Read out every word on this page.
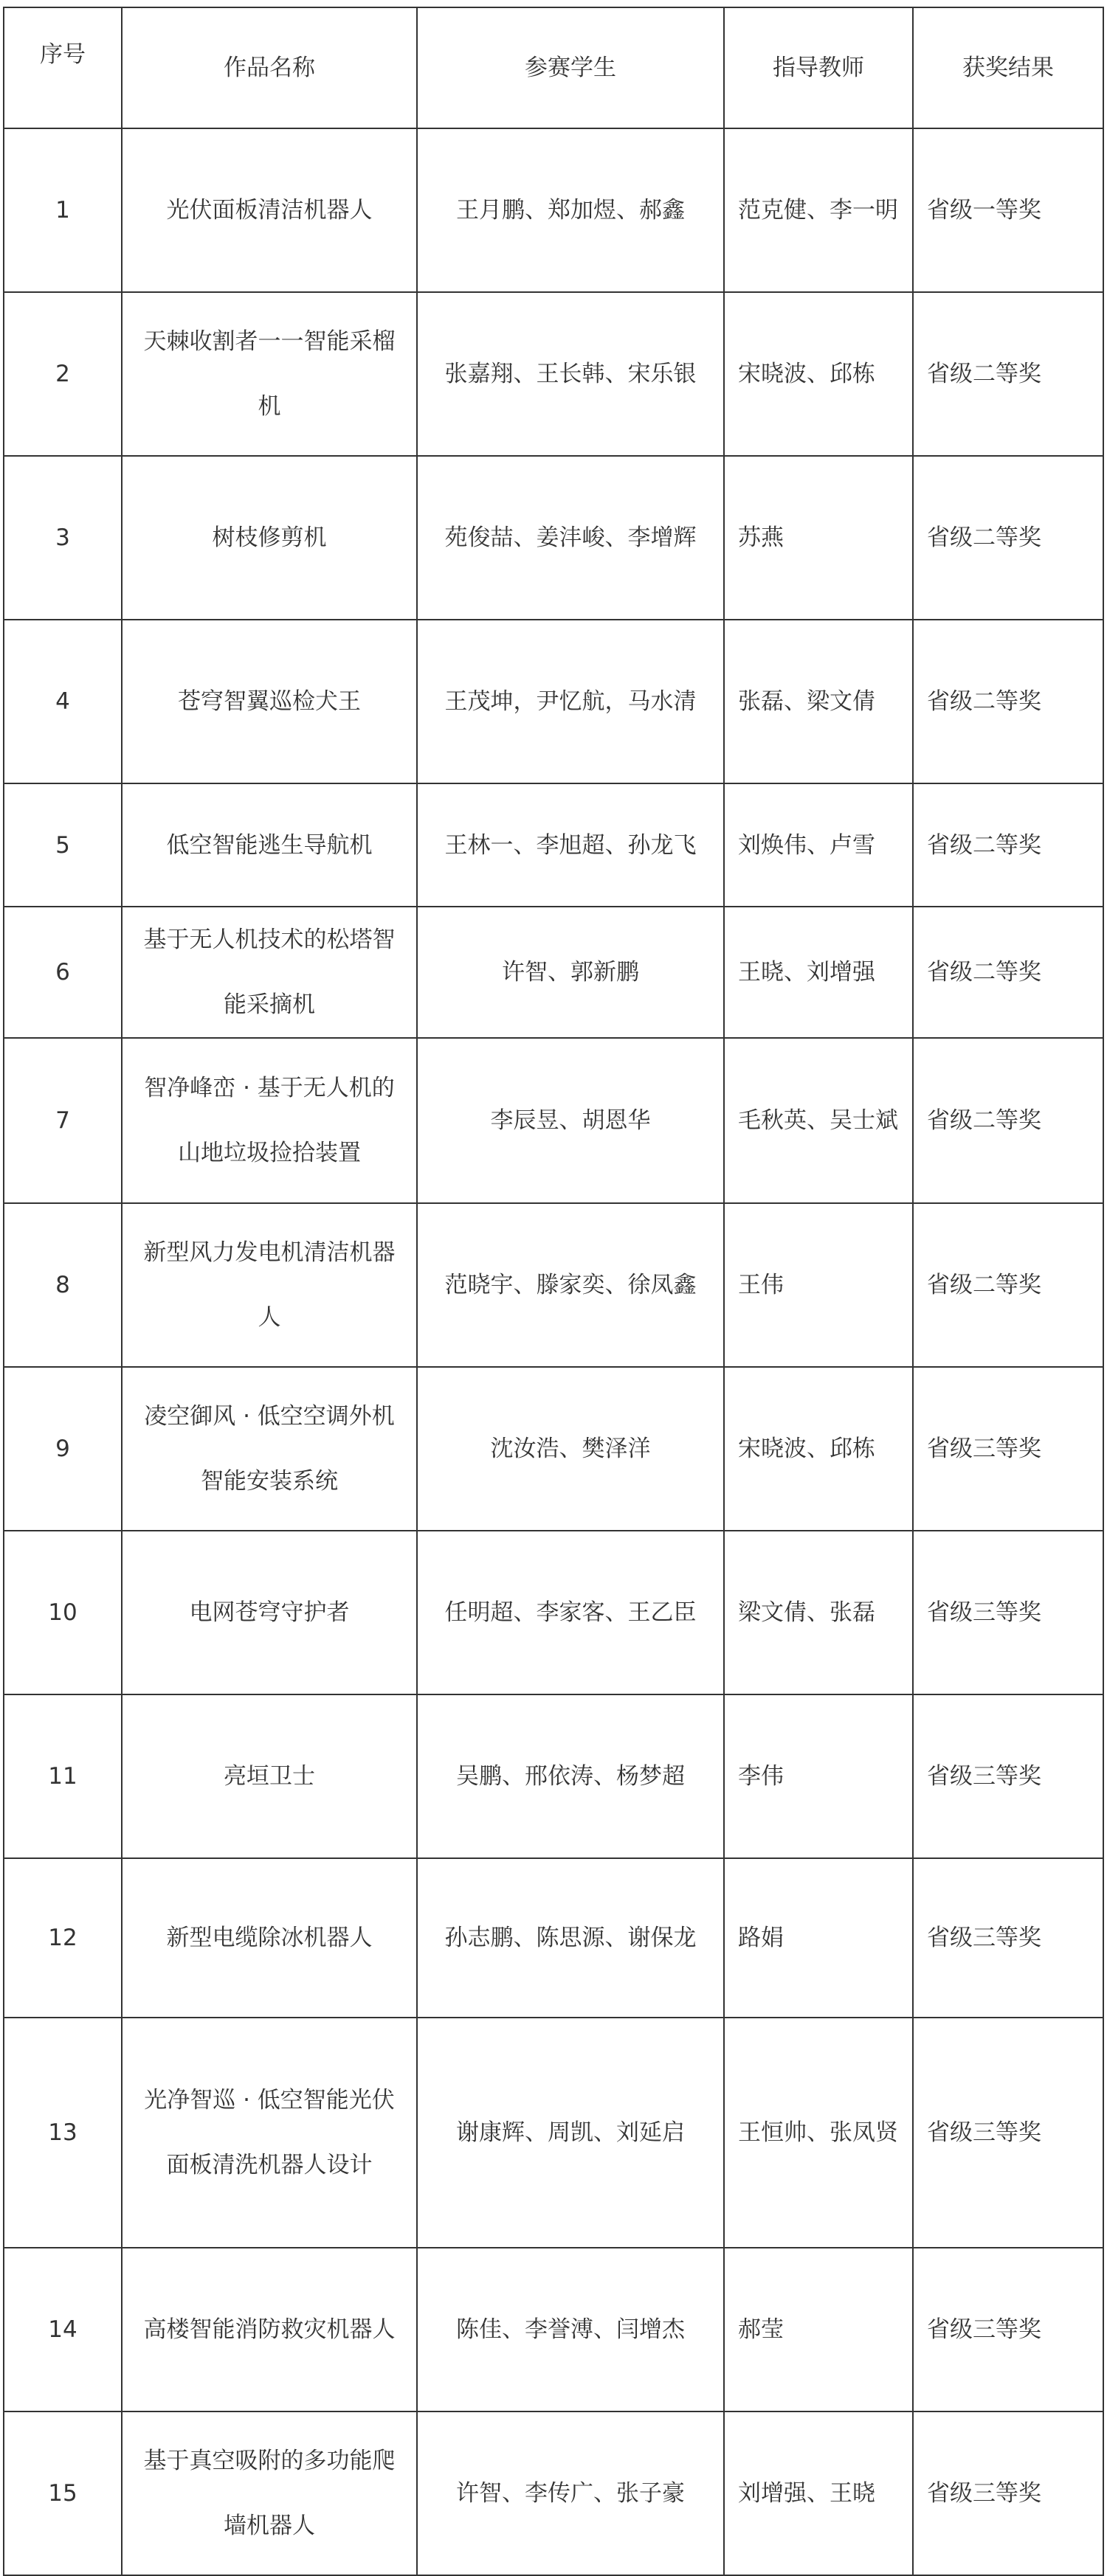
序号	作品名称	参赛学生	指导教师	获奖结果
1	光伏面板清洁机器人	王月鹏、郑加煜、郝鑫	范克健、李一明	省级一等奖
2	天棘收割者一一智能采榴机	张嘉翔、王长韩、宋乐银	宋晓波、邱栋	省级二等奖
3	树枝修剪机	苑俊喆、姜沣峻、李增辉	苏燕	省级二等奖
4	苍穹智翼巡检犬王	王茂坤，尹忆航，马水清	张磊、梁文倩	省级二等奖
5	低空智能逃生导航机	王林一、李旭超、孙龙飞	刘焕伟、卢雪	省级二等奖
6	基于无人机技术的松塔智能采摘机	许智、郭新鹏	王晓、刘增强	省级二等奖
7	智净峰峦 · 基于无人机的山地垃圾捡拾装置	李辰昱、胡恩华	毛秋英、吴士斌	省级二等奖
8	新型风力发电机清洁机器人	范晓宇、滕家奕、徐凤鑫	王伟	省级二等奖
9	凌空御风 · 低空空调外机智能安装系统	沈汝浩、樊泽洋	宋晓波、邱栋	省级三等奖
10	电网苍穹守护者	任明超、李家客、王乙臣	梁文倩、张磊	省级三等奖
11	亮垣卫士	吴鹏、邢依涛、杨梦超	李伟	省级三等奖
12	新型电缆除冰机器人	孙志鹏、陈思源、谢保龙	路娟	省级三等奖
13	光净智巡 · 低空智能光伏面板清洗机器人设计	谢康辉、周凯、刘延启	王恒帅、张凤贤	省级三等奖
14	高楼智能消防救灾机器人	陈佳、李誉溥、闫增杰	郝莹	省级三等奖
15	基于真空吸附的多功能爬墙机器人	许智、李传广、张子豪	刘增强、王晓	省级三等奖
